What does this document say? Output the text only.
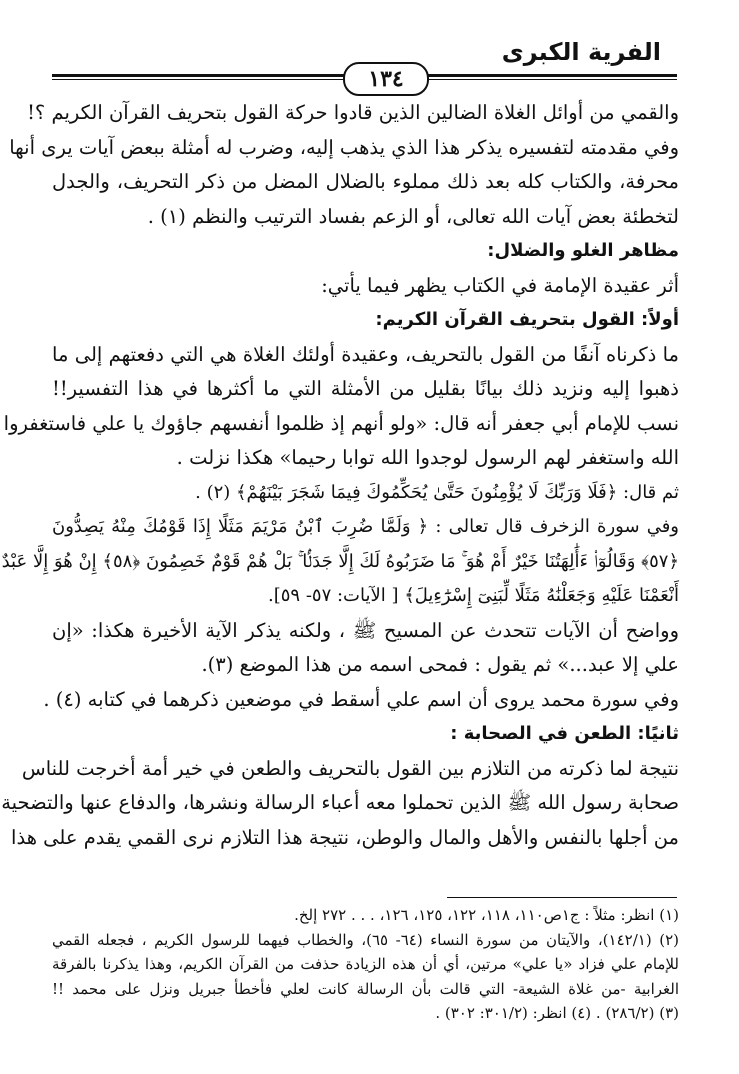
الفرية الكبرى
١٣٤
والقمي من أوائل الغلاة الضالين الذين قادوا حركة القول بتحريف القرآن الكريم ؟!
وفي مقدمته لتفسيره يذكر هذا الذي يذهب إليه، وضرب له أمثلة ببعض آيات يرى أنها
محرفة، والكتاب كله بعد ذلك مملوء بالضلال المضل من ذكر التحريف، والجدل
لتخطئة بعض آيات الله تعالى، أو الزعم بفساد الترتيب والنظم (١) .
مظاهر الغلو والضلال:
أثر عقيدة الإمامة في الكتاب يظهر فيما يأتي:
أولاً: القول بتحريف القرآن الكريم:
ما ذكرناه آنفًا من القول بالتحريف، وعقيدة أولئك الغلاة هي التي دفعتهم إلى ما
ذهبوا إليه ونزيد ذلك بيانًا بقليل من الأمثلة التي ما أكثرها في هذا التفسير!!
نسب للإمام أبي جعفر أنه قال: «ولو أنهم إذ ظلموا أنفسهم جاؤوك يا علي فاستغفروا
الله واستغفر لهم الرسول لوجدوا الله توابا رحيما» هكذا نزلت .
ثم قال: ﴿فَلَا وَرَبِّكَ لَا يُؤْمِنُونَ حَتَّىٰ يُحَكِّمُوكَ فِيمَا شَجَرَ بَيْنَهُمْ﴾ (٢) .
وفي سورة الزخرف قال تعالى : ﴿ وَلَمَّا ضُرِبَ ٱبْنُ مَرْيَمَ مَثَلًا إِذَا قَوْمُكَ مِنْهُ يَصِدُّونَ
﴿٥٧﴾ وَقَالُوٓا۟ ءَأَٰلِهَتُنَا خَيْرٌ أَمْ هُوَ ۚ مَا ضَرَبُوهُ لَكَ إِلَّا جَدَلًۢا ۚ بَلْ هُمْ قَوْمٌ خَصِمُونَ ﴿٥٨﴾ إِنْ هُوَ إِلَّا عَبْدٌ
أَنْعَمْنَا عَلَيْهِ وَجَعَلْنَٰهُ مَثَلًا لِّبَنِىٓ إِسْرَٰٓءِيلَ﴾ [ الآيات: ٥٧- ٥٩].
وواضح أن الآيات تتحدث عن المسيح ﷺ ، ولكنه يذكر الآية الأخيرة هكذا: «إن
علي إلا عبد...» ثم يقول : فمحى اسمه من هذا الموضع (٣).
وفي سورة محمد يروى أن اسم علي أسقط في موضعين ذكرهما في كتابه (٤) .
ثانيًا: الطعن في الصحابة :
نتيجة لما ذكرته من التلازم بين القول بالتحريف والطعن في خير أمة أخرجت للناس
صحابة رسول الله ﷺ الذين تحملوا معه أعباء الرسالة ونشرها، والدفاع عنها والتضحية
من أجلها بالنفس والأهل والمال والوطن، نتيجة هذا التلازم نرى القمي يقدم على هذا
(١) انظر: مثلاً : ج١ص١١٠، ١١٨، ١٢٢، ١٢٥، ١٢٦، . . . ٢٧٢ إلخ.
(٢) (١٤٢/١)، والآيتان من سورة النساء (٦٤- ٦٥)، والخطاب فيهما للرسول الكريم ، فجعله القمي
للإمام علي فزاد «يا علي» مرتين، أي أن هذه الزيادة حذفت من القرآن الكريم، وهذا يذكرنا بالفرقة
الغرابية -من غلاة الشيعة- التي قالت بأن الرسالة كانت لعلي فأخطأ جبريل ونزل على محمد !!
(٣) (٢٨٦/٢) . (٤) انظر: (٣٠١/٢: ٣٠٢) .
